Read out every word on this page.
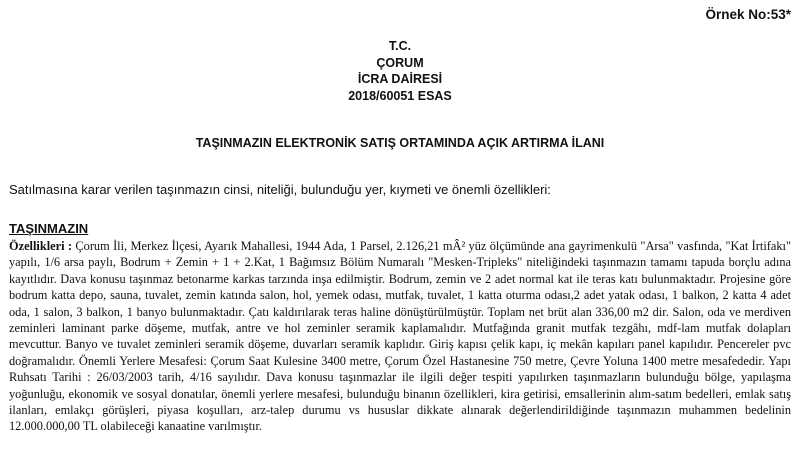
Örnek No:53*
T.C.
ÇORUM
İCRA DAİRESİ
2018/60051 ESAS
TAŞINMAZIN ELEKTRONİK SATIŞ ORTAMINDA AÇIK ARTIRMA İLANI
Satılmasına karar verilen taşınmazın cinsi, niteliği, bulunduğu yer, kıymeti ve önemli özellikleri:
TAŞINMAZIN

Özellikleri : Çorum İli, Merkez İlçesi, Ayarık Mahallesi, 1944 Ada, 1 Parsel, 2.126,21 mÂ² yüz ölçümünde ana gayrimenkulü "Arsa" vasfında, "Kat İrtifakı" yapılı, 1/6 arsa paylı, Bodrum + Zemin + 1 + 2.Kat, 1 Bağımsız Bölüm Numaralı "Mesken-Tripleks" niteliğindeki taşınmazın tamamı tapuda borçlu adına kayıtlıdır. Dava konusu taşınmaz betonarme karkas tarzında inşa edilmiştir. Bodrum, zemin ve 2 adet normal kat ile teras katı bulunmaktadır. Projesine göre bodrum katta depo, sauna, tuvalet, zemin katında salon, hol, yemek odası, mutfak, tuvalet, 1 katta oturma odası,2 adet yatak odası, 1 balkon, 2 katta 4 adet oda, 1 salon, 3 balkon, 1 banyo bulunmaktadır. Çatı kaldırılarak teras haline dönüştürülmüştür. Toplam net brüt alan 336,00 m2 dir. Salon, oda ve merdiven zeminleri laminant parke döşeme, mutfak, antre ve hol zeminler seramik kaplamalıdır. Mutfağında granit mutfak tezgâhı, mdf-lam mutfak dolapları mevcuttur. Banyo ve tuvalet zeminleri seramik döşeme, duvarları seramik kaplıdır. Giriş kapısı çelik kapı, iç mekân kapıları panel kapılıdır. Pencereler pvc doğramalıdır. Önemli Yerlere Mesafesi: Çorum Saat Kulesine 3400 metre, Çorum Özel Hastanesine 750 metre, Çevre Yoluna 1400 metre mesafededir. Yapı Ruhsatı Tarihi : 26/03/2003 tarih, 4/16 sayılıdır. Dava konusu taşınmazlar ile ilgili değer tespiti yapılırken taşınmazların bulunduğu bölge, yapılaşma yoğunluğu, ekonomik ve sosyal donatılar, önemli yerlere mesafesi, bulunduğu binanın özellikleri, kira getirisi, emsallerinin alım-satım bedelleri, emlak satış ilanları, emlakçı görüşleri, piyasa koşulları, arz-talep durumu vs hususlar dikkate alınarak değerlendirildiğinde taşınmazın muhammen bedelinin 12.000.000,00 TL olabileceği kanaatine varılmıştır.
